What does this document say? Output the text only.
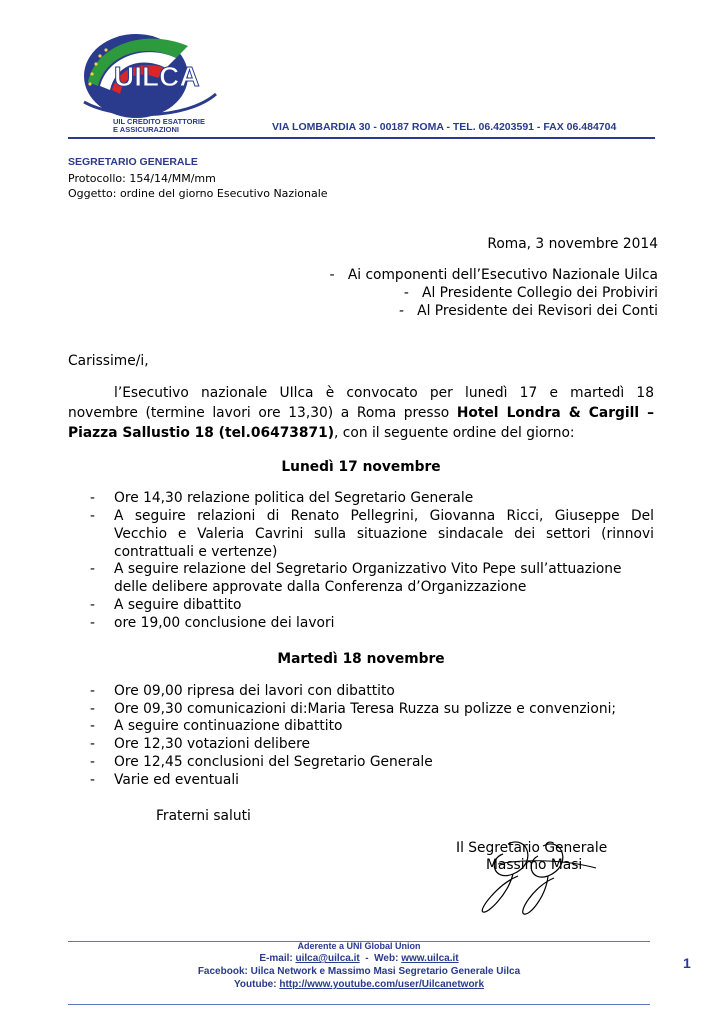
UILCA
UIL CREDITO ESATTORIE
E ASSICURAZIONI	VIA LOMBARDIA 30 - 00187 ROMA - TEL. 06.4203591 - FAX 06.484704
SEGRETARIO GENERALE
Protocollo: 154/14/MM/mm
Oggetto: ordine del giorno Esecutivo Nazionale
Roma, 3 novembre 2014
- Ai componenti dell’Esecutivo Nazionale Uilca
- Al Presidente Collegio dei Probiviri
- Al Presidente dei Revisori dei Conti
Carissime/i,
l’Esecutivo nazionale UIlca è convocato per lunedì 17 e martedì 18
novembre (termine lavori ore 13,30) a Roma presso Hotel Londra & Cargill –
Piazza Sallustio 18 (tel.06473871), con il seguente ordine del giorno:
Lunedì 17 novembre
- Ore 14,30 relazione politica del Segretario Generale
- A seguire relazioni di Renato Pellegrini, Giovanna Ricci, Giuseppe Del
Vecchio e Valeria Cavrini sulla situazione sindacale dei settori (rinnovi
contrattuali e vertenze)
- A seguire relazione del Segretario Organizzativo Vito Pepe sull’attuazione
delle delibere approvate dalla Conferenza d’Organizzazione
- A seguire dibattito
- ore 19,00 conclusione dei lavori
Martedì 18 novembre
- Ore 09,00 ripresa dei lavori con dibattito
- Ore 09,30 comunicazioni di:Maria Teresa Ruzza su polizze e convenzioni;
- A seguire continuazione dibattito
- Ore 12,30 votazioni delibere
- Ore 12,45 conclusioni del Segretario Generale
- Varie ed eventuali
Fraterni saluti
Il Segretario Generale
Massimo Masi
Aderente a UNI Global Union
E-mail: uilca@uilca.it  -  Web: www.uilca.it
Facebook: Uilca Network e Massimo Masi Segretario Generale Uilca
Youtube: http://www.youtube.com/user/Uilcanetwork
1
